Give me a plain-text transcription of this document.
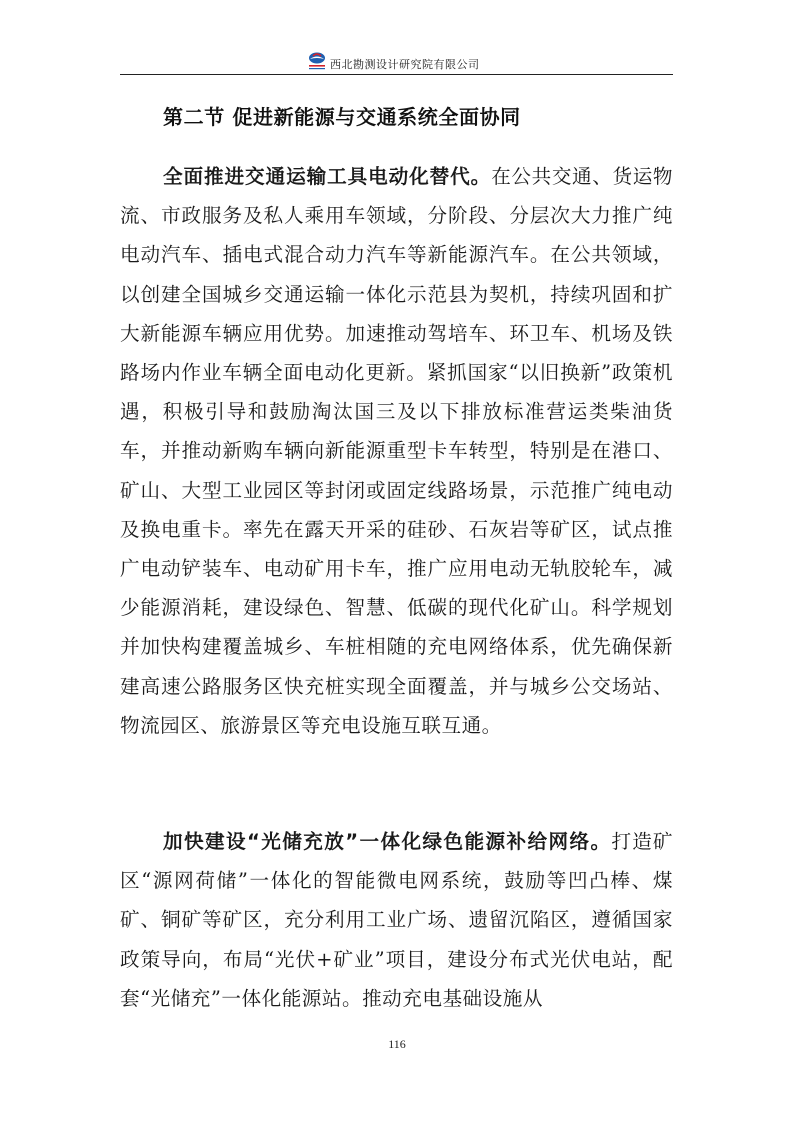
西北勘测设计研究院有限公司
第二节 促进新能源与交通系统全面协同

全面推进交通运输工具电动化替代。在公共交通、货运物流、市政服务及私人乘用车领域，分阶段、分层次大力推广纯电动汽车、插电式混合动力汽车等新能源汽车。在公共领域，以创建全国城乡交通运输一体化示范县为契机，持续巩固和扩大新能源车辆应用优势。加速推动驾培车、环卫车、机场及铁路场内作业车辆全面电动化更新。紧抓国家“以旧换新”政策机遇，积极引导和鼓励淘汰国三及以下排放标准营运类柴油货车，并推动新购车辆向新能源重型卡车转型，特别是在港口、矿山、大型工业园区等封闭或固定线路场景，示范推广纯电动及换电重卡。率先在露天开采的硅砂、石灰岩等矿区，试点推广电动铲装车、电动矿用卡车，推广应用电动无轨胶轮车，减少能源消耗，建设绿色、智慧、低碳的现代化矿山。科学规划并加快构建覆盖城乡、车桩相随的充电网络体系，优先确保新建高速公路服务区快充桩实现全面覆盖，并与城乡公交场站、物流园区、旅游景区等充电设施互联互通。

加快建设“光储充放”一体化绿色能源补给网络。打造矿区“源网荷储”一体化的智能微电网系统，鼓励等凹凸棒、煤矿、铜矿等矿区，充分利用工业广场、遗留沉陷区，遵循国家政策导向，布局“光伏+矿业”项目，建设分布式光伏电站，配套“光储充”一体化能源站。推动充电基础设施从

116
